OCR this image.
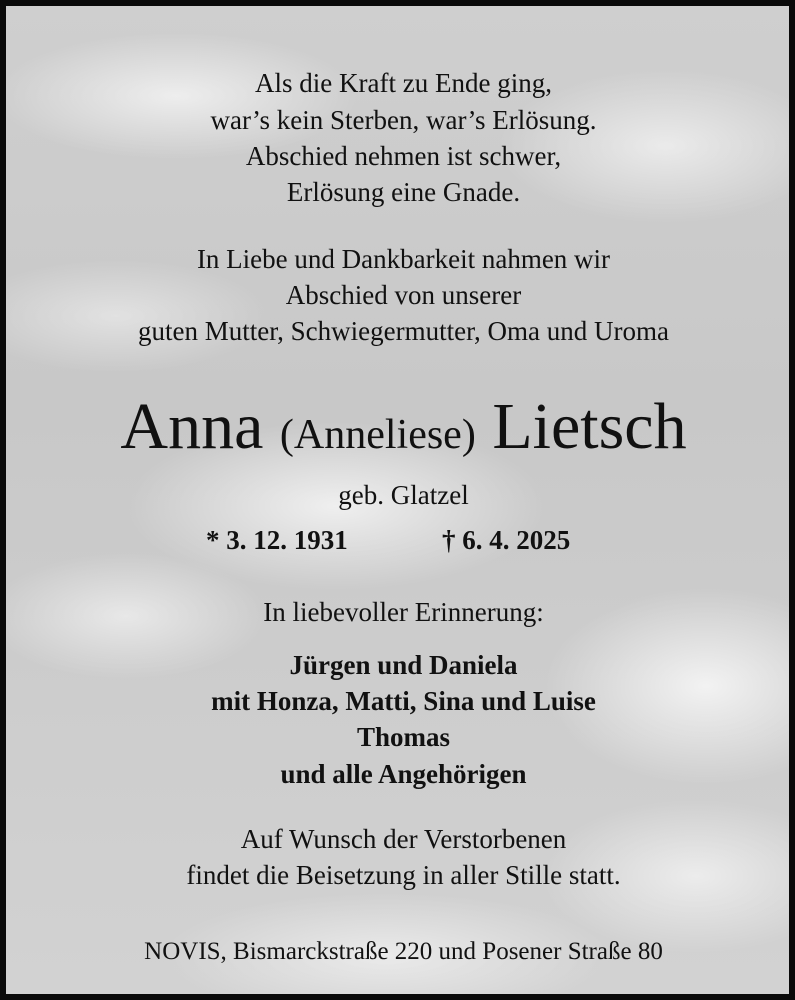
Als die Kraft zu Ende ging,
war’s kein Sterben, war’s Erlösung.
Abschied nehmen ist schwer,
Erlösung eine Gnade.
In Liebe und Dankbarkeit nahmen wir
Abschied von unserer
guten Mutter, Schwiegermutter, Oma und Uroma
Anna (Anneliese) Lietsch
geb. Glatzel
* 3. 12. 1931	† 6. 4. 2025
In liebevoller Erinnerung:
Jürgen und Daniela
mit Honza, Matti, Sina und Luise
Thomas
und alle Angehörigen
Auf Wunsch der Verstorbenen
findet die Beisetzung in aller Stille statt.
NOVIS, Bismarckstraße 220 und Posener Straße 80
